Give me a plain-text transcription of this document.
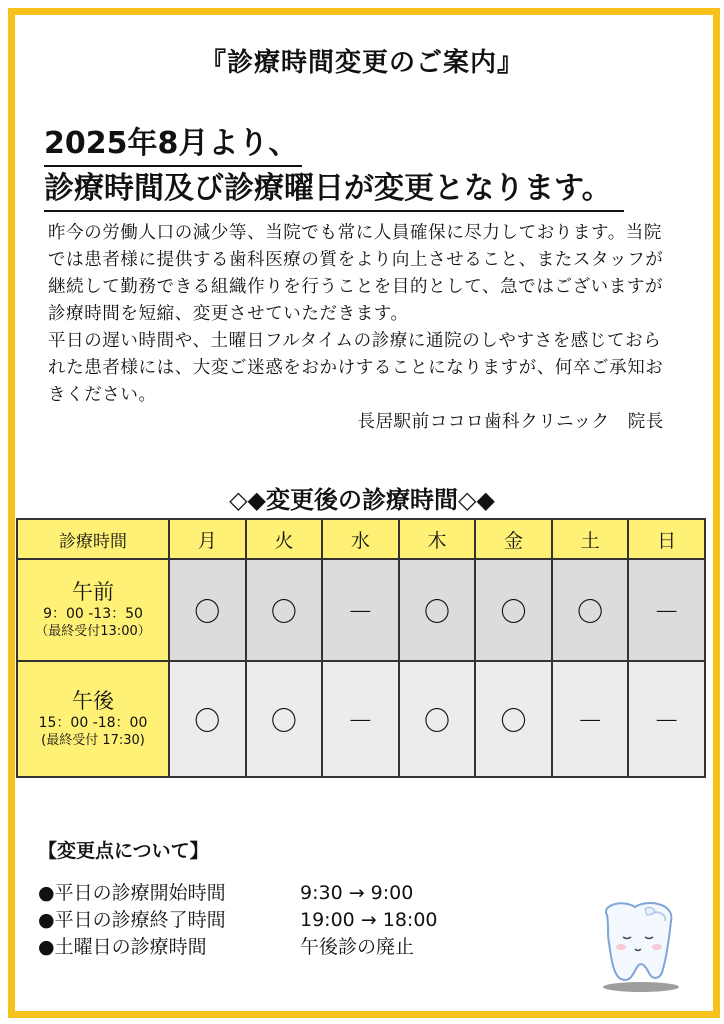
『診療時間変更のご案内』
2025年8月より、
診療時間及び診療曜日が変更となります。

昨今の労働人口の減少等、当院でも常に人員確保に尽力しております。当院では患者様に提供する歯科医療の質をより向上させること、またスタッフが継続して勤務できる組織作りを行うことを目的として、急ではございますが診療時間を短縮、変更させていただきます。

平日の遅い時間や、土曜日フルタイムの診療に通院のしやすさを感じておられた患者様には、大変ご迷惑をおかけすることになりますが、何卒ご承知おきください。

長居駅前ココロ歯科クリニック　院長

◇◆変更後の診療時間◇◆
診療時間	月	火	水	木	金	土	日

午前
9：00 -13：50
（最終受付13:00）	〇	〇	－	〇	〇	〇	－

午後
15：00 -18：00
(最終受付 17:30)	〇	〇	－	〇	〇	－	－
【変更点について】
●平日の診療開始時間	9:30 → 9:00
●平日の診療終了時間	19:00 → 18:00
●土曜日の診療時間	午後診の廃止
